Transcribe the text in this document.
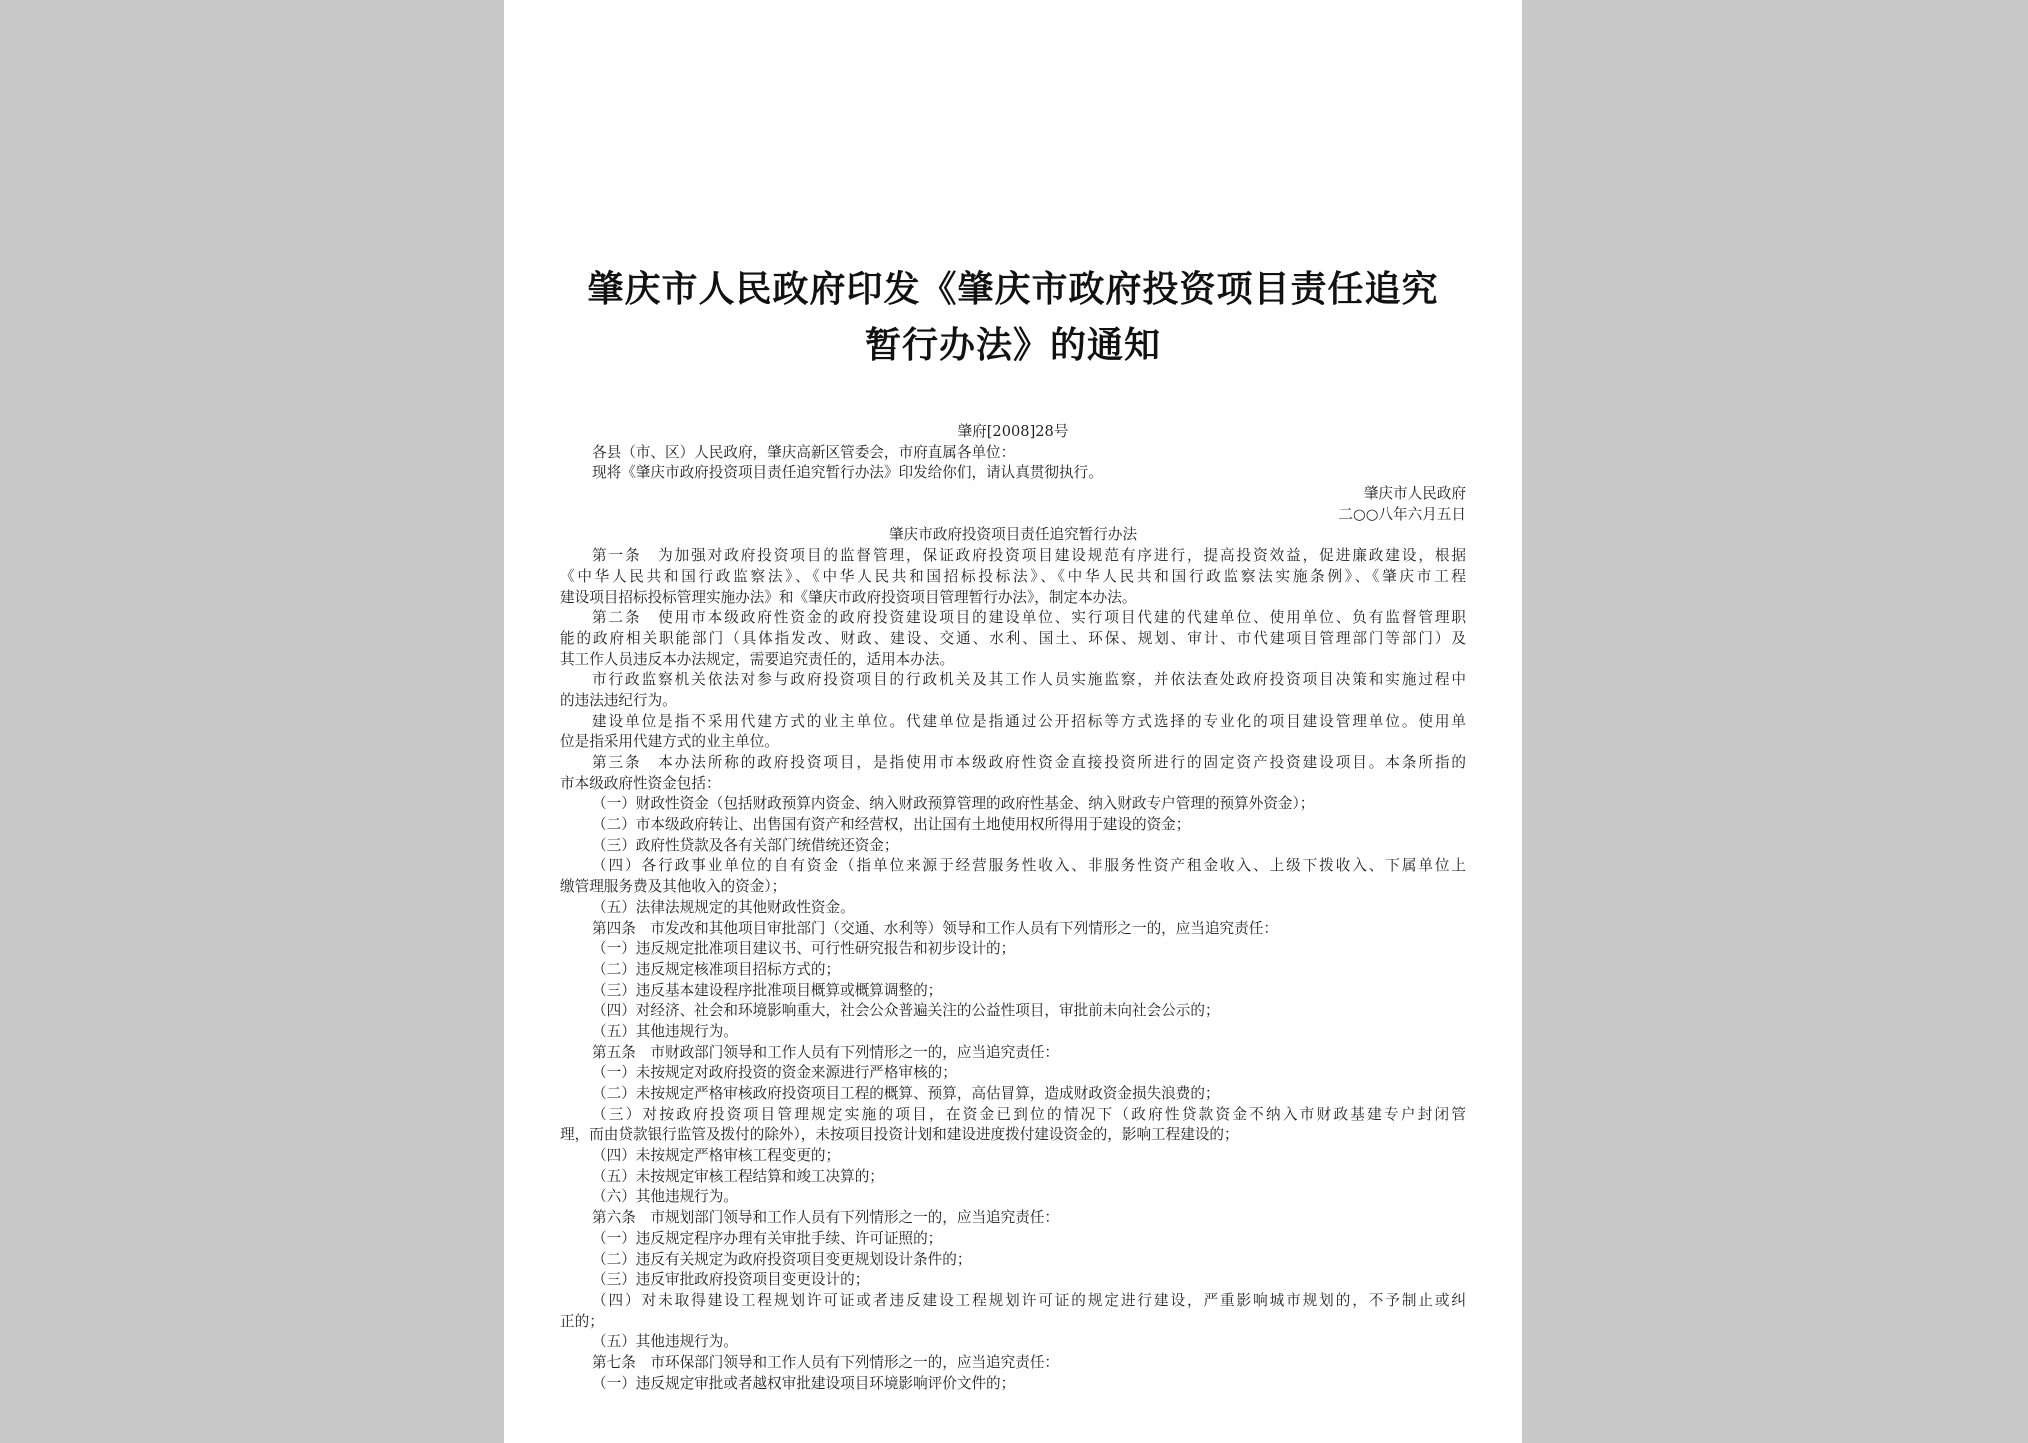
肇庆市人民政府印发《肇庆市政府投资项目责任追究
暂行办法》的通知
肇府[2008]28号
各县（市、区）人民政府，肇庆高新区管委会，市府直属各单位：
现将《肇庆市政府投资项目责任追究暂行办法》印发给你们，请认真贯彻执行。
肇庆市人民政府
二○○八年六月五日
肇庆市政府投资项目责任追究暂行办法
第一条　为加强对政府投资项目的监督管理，保证政府投资项目建设规范有序进行，提高投资效益，促进廉政建设，根据
《中华人民共和国行政监察法》、《中华人民共和国招标投标法》、《中华人民共和国行政监察法实施条例》、《肇庆市工程
建设项目招标投标管理实施办法》和《肇庆市政府投资项目管理暂行办法》，制定本办法。
第二条　使用市本级政府性资金的政府投资建设项目的建设单位、实行项目代建的代建单位、使用单位、负有监督管理职
能的政府相关职能部门（具体指发改、财政、建设、交通、水利、国土、环保、规划、审计、市代建项目管理部门等部门）及
其工作人员违反本办法规定，需要追究责任的，适用本办法。
市行政监察机关依法对参与政府投资项目的行政机关及其工作人员实施监察，并依法查处政府投资项目决策和实施过程中
的违法违纪行为。
建设单位是指不采用代建方式的业主单位。代建单位是指通过公开招标等方式选择的专业化的项目建设管理单位。使用单
位是指采用代建方式的业主单位。
第三条　本办法所称的政府投资项目，是指使用市本级政府性资金直接投资所进行的固定资产投资建设项目。本条所指的
市本级政府性资金包括：
（一）财政性资金（包括财政预算内资金、纳入财政预算管理的政府性基金、纳入财政专户管理的预算外资金）；
（二）市本级政府转让、出售国有资产和经营权，出让国有土地使用权所得用于建设的资金；
（三）政府性贷款及各有关部门统借统还资金；
（四）各行政事业单位的自有资金（指单位来源于经营服务性收入、非服务性资产租金收入、上级下拨收入、下属单位上
缴管理服务费及其他收入的资金）；
（五）法律法规规定的其他财政性资金。
第四条　市发改和其他项目审批部门（交通、水利等）领导和工作人员有下列情形之一的，应当追究责任：
（一）违反规定批准项目建议书、可行性研究报告和初步设计的；
（二）违反规定核准项目招标方式的；
（三）违反基本建设程序批准项目概算或概算调整的；
（四）对经济、社会和环境影响重大，社会公众普遍关注的公益性项目，审批前未向社会公示的；
（五）其他违规行为。
第五条　市财政部门领导和工作人员有下列情形之一的，应当追究责任：
（一）未按规定对政府投资的资金来源进行严格审核的；
（二）未按规定严格审核政府投资项目工程的概算、预算，高估冒算，造成财政资金损失浪费的；
（三）对按政府投资项目管理规定实施的项目，在资金已到位的情况下（政府性贷款资金不纳入市财政基建专户封闭管
理，而由贷款银行监管及拨付的除外），未按项目投资计划和建设进度拨付建设资金的，影响工程建设的；
（四）未按规定严格审核工程变更的；
（五）未按规定审核工程结算和竣工决算的；
（六）其他违规行为。
第六条　市规划部门领导和工作人员有下列情形之一的，应当追究责任：
（一）违反规定程序办理有关审批手续、许可证照的；
（二）违反有关规定为政府投资项目变更规划设计条件的；
（三）违反审批政府投资项目变更设计的；
（四）对未取得建设工程规划许可证或者违反建设工程规划许可证的规定进行建设，严重影响城市规划的，不予制止或纠
正的；
（五）其他违规行为。
第七条　市环保部门领导和工作人员有下列情形之一的，应当追究责任：
（一）违反规定审批或者越权审批建设项目环境影响评价文件的；
